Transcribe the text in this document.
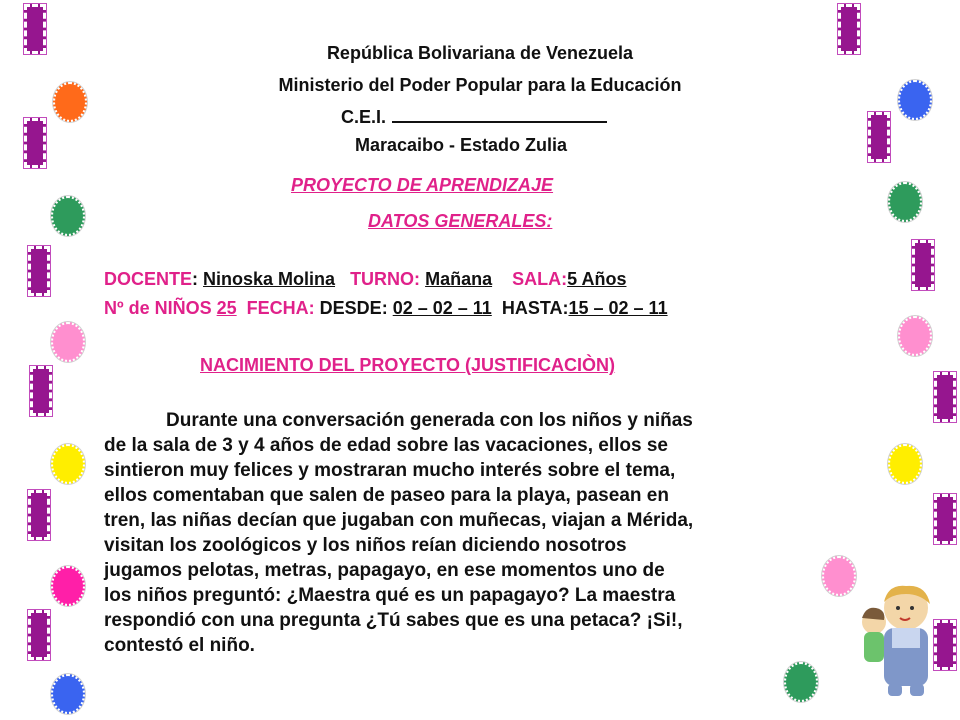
República Bolivariana de Venezuela
Ministerio del Poder Popular para la Educación
C.E.I.
Maracaibo - Estado Zulia
PROYECTO DE APRENDIZAJE
DATOS GENERALES:
DOCENTE: Ninoska Molina TURNO: Mañana SALA:5 Años
Nº de NIÑOS 25 FECHA: DESDE: 02 – 02 – 11 HASTA:15 – 02 – 11
NACIMIENTO DEL PROYECTO (JUSTIFICACIÒN)
Durante una conversación generada con los niños y niñas
de la sala de 3 y 4 años de edad sobre las vacaciones, ellos se
sintieron muy felices y mostraran mucho interés sobre el tema,
ellos comentaban que salen de paseo para la playa, pasean en
tren, las niñas decían que jugaban con muñecas, viajan a Mérida,
visitan los zoológicos y los niños reían diciendo nosotros
jugamos pelotas, metras, papagayo, en ese momentos uno de
los niños preguntó: ¿Maestra qué es un papagayo? La maestra
respondió con una pregunta ¿Tú sabes que es una petaca? ¡Si!,
contestó el niño.
